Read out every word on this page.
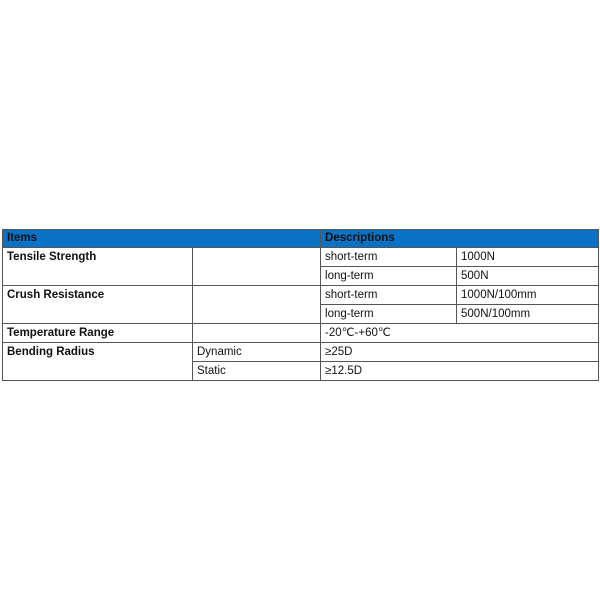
Items		Descriptions	
Tensile Strength		short-term	1000N
		long-term	500N
Crush Resistance		short-term	1000N/100mm
		long-term	500N/100mm
Temperature Range		-20℃-+60℃	
Bending Radius	Dynamic	≥25D	
	Static	≥12.5D	
